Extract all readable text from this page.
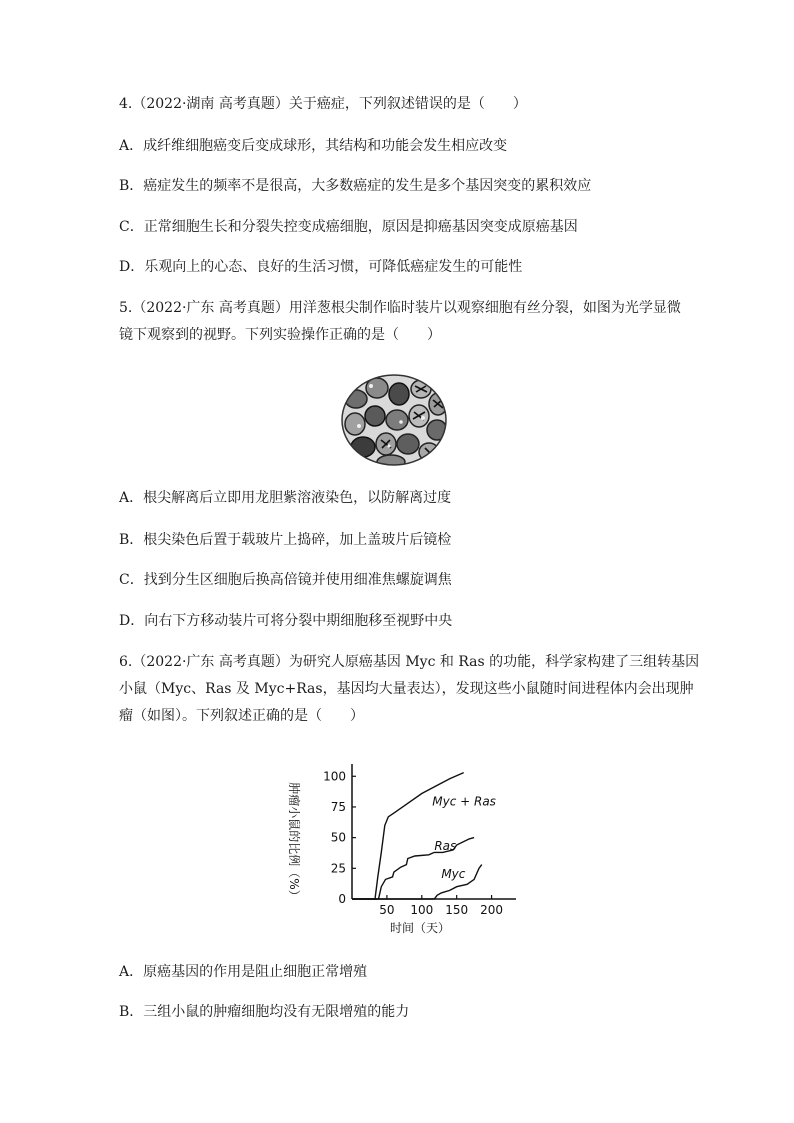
4.（2022·湖南 高考真题）关于癌症，下列叙述错误的是（　　）
A．成纤维细胞癌变后变成球形，其结构和功能会发生相应改变
B．癌症发生的频率不是很高，大多数癌症的发生是多个基因突变的累积效应
C．正常细胞生长和分裂失控变成癌细胞，原因是抑癌基因突变成原癌基因
D．乐观向上的心态、良好的生活习惯，可降低癌症发生的可能性
5.（2022·广东 高考真题）用洋葱根尖制作临时装片以观察细胞有丝分裂，如图为光学显微
镜下观察到的视野。下列实验操作正确的是（　　）
A．根尖解离后立即用龙胆紫溶液染色，以防解离过度
B．根尖染色后置于载玻片上捣碎，加上盖玻片后镜检
C．找到分生区细胞后换高倍镜并使用细准焦螺旋调焦
D．向右下方移动装片可将分裂中期细胞移至视野中央
6.（2022·广东 高考真题）为研究人原癌基因 Myc 和 Ras 的功能，科学家构建了三组转基因
小鼠（Myc、Ras 及 Myc+Ras，基因均大量表达），发现这些小鼠随时间进程体内会出现肿
瘤（如图）。下列叙述正确的是（　　）
肿瘤小鼠的比例（%）	0
25
50
75
100
50 100 150 200
Myc + Ras
Ras
Myc
时间（天）
A．原癌基因的作用是阻止细胞正常增殖
B．三组小鼠的肿瘤细胞均没有无限增殖的能力
